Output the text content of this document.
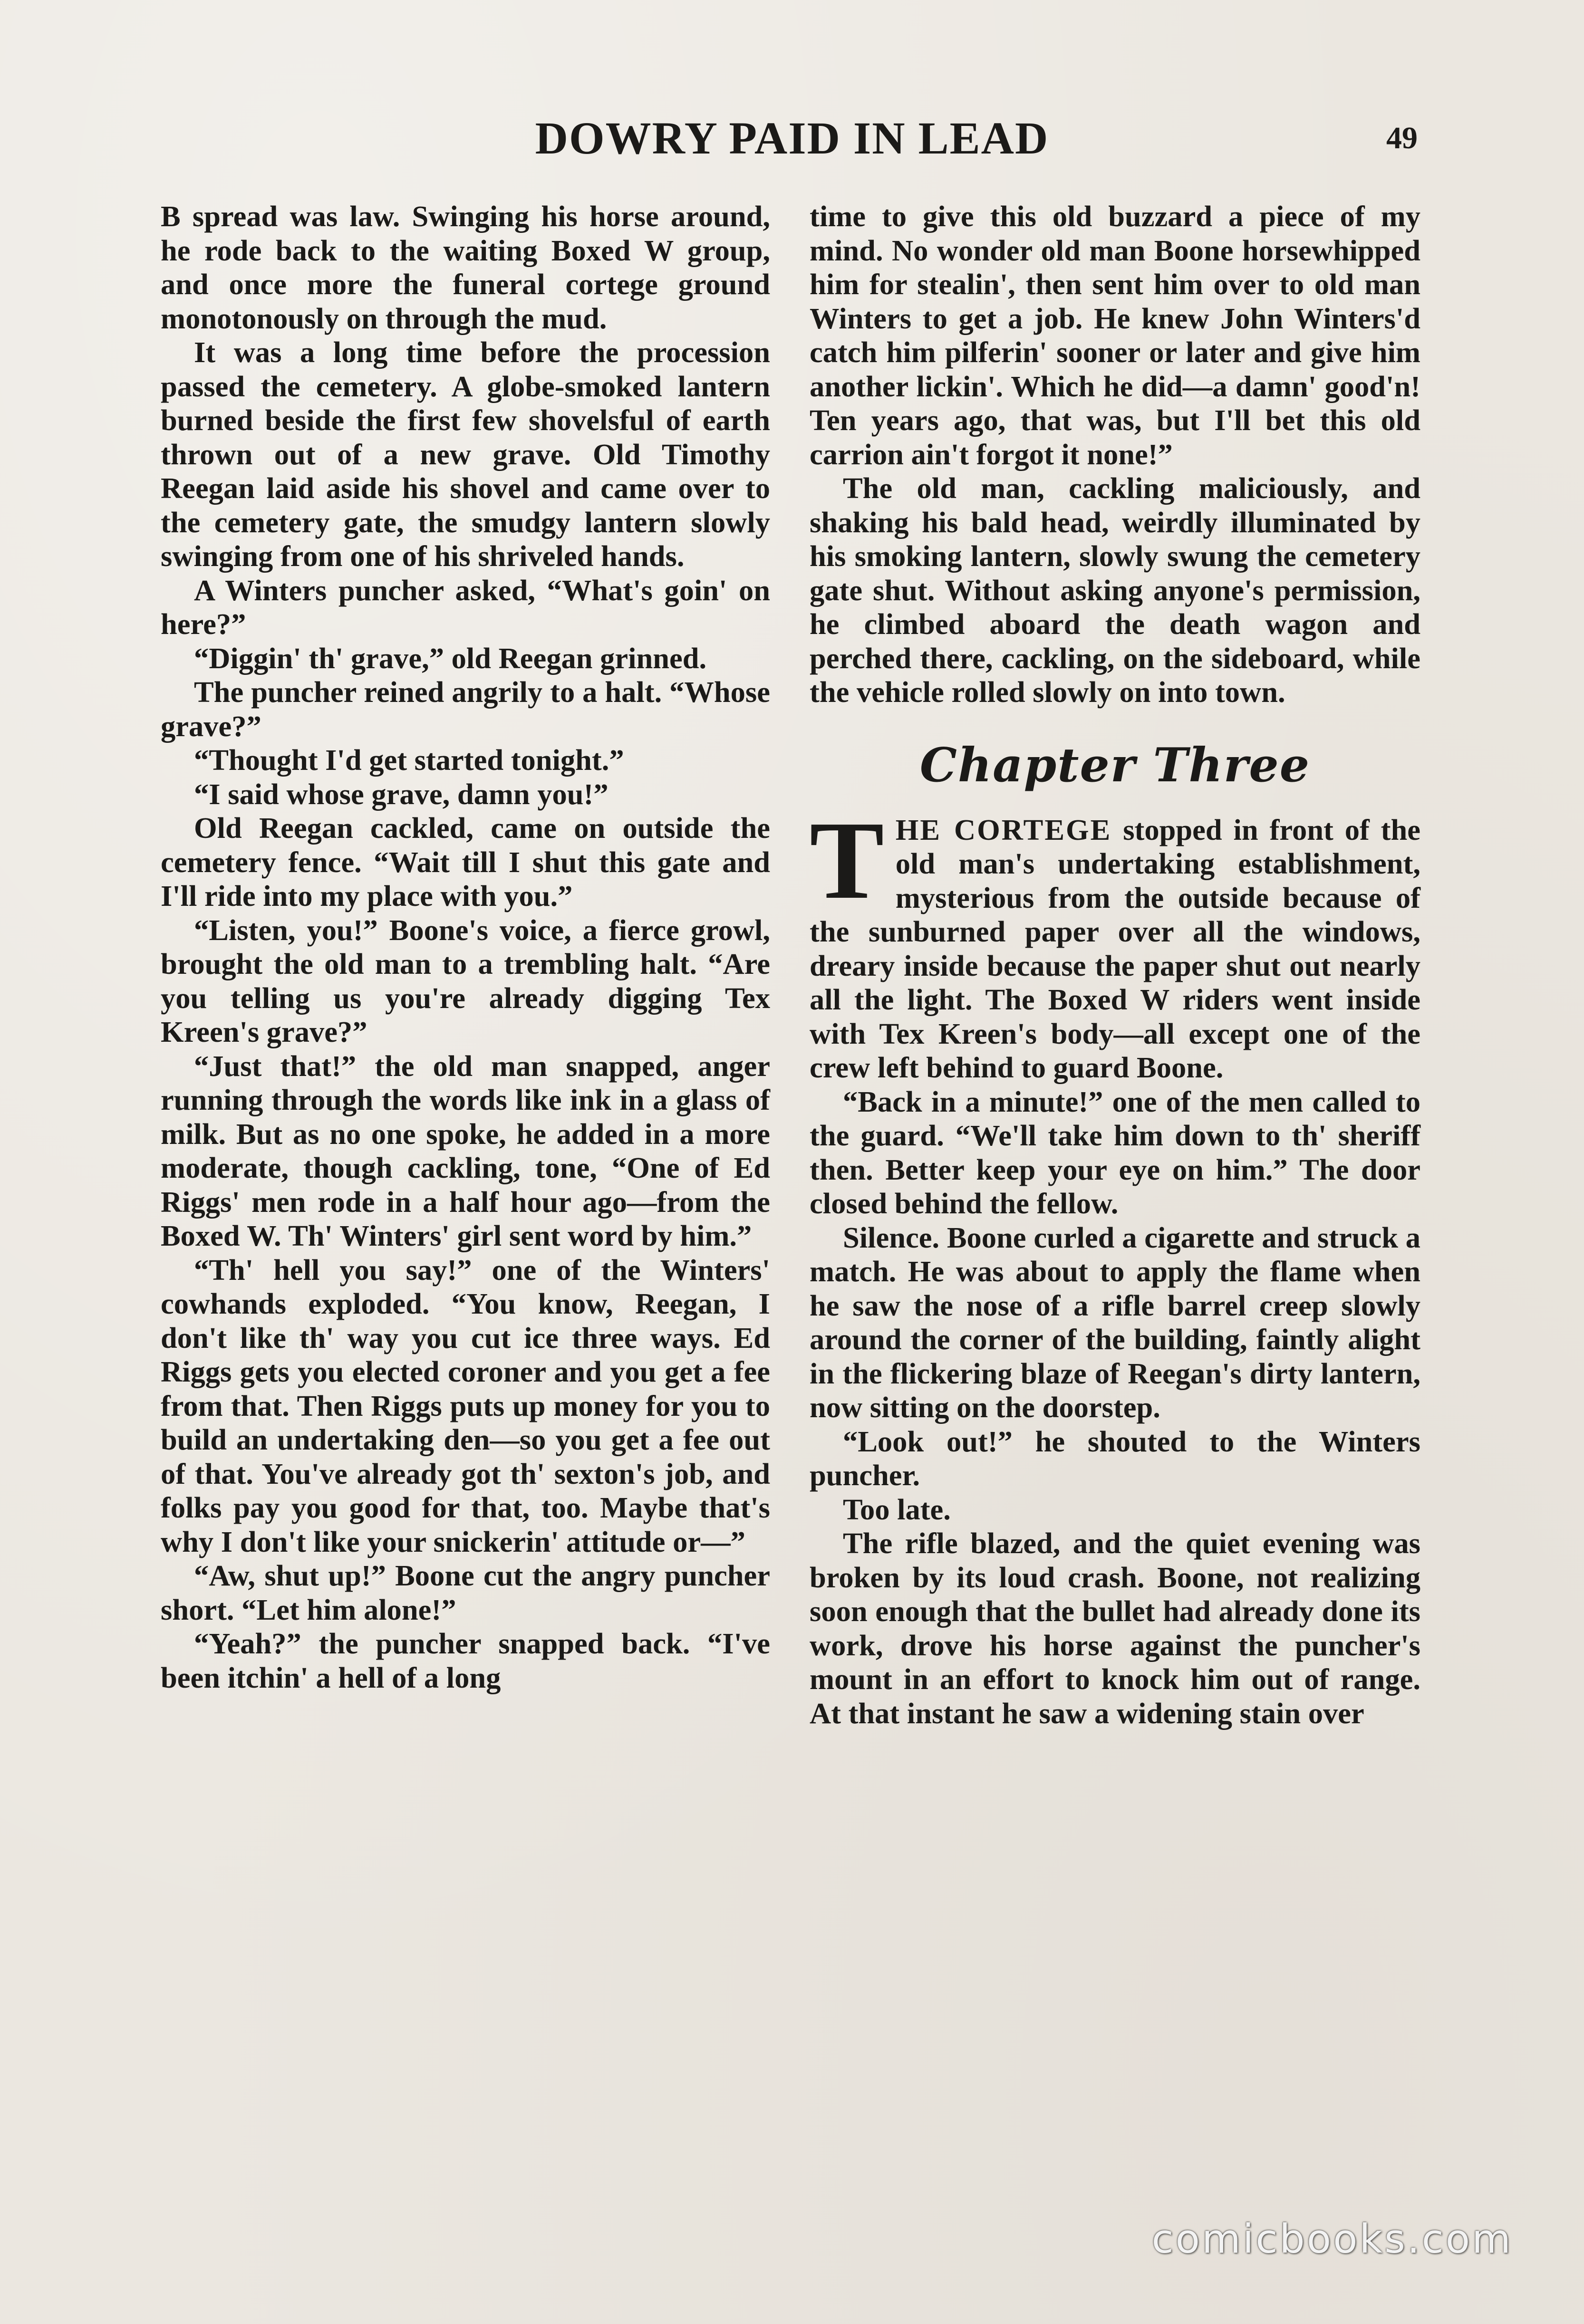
DOWRY PAID IN LEAD	49

B spread was law. Swinging his horse around, he rode back to the waiting Boxed W group, and once more the funeral cortege ground monotonously on through the mud.

It was a long time before the procession passed the cemetery. A globe-smoked lantern burned beside the first few shovelsful of earth thrown out of a new grave. Old Timothy Reegan laid aside his shovel and came over to the cemetery gate, the smudgy lantern slowly swinging from one of his shriveled hands.

A Winters puncher asked, “What's goin' on here?”

“Diggin' th' grave,” old Reegan grinned.

The puncher reined angrily to a halt. “Whose grave?”

“Thought I'd get started tonight.”

“I said whose grave, damn you!”

Old Reegan cackled, came on outside the cemetery fence. “Wait till I shut this gate and I'll ride into my place with you.”

“Listen, you!” Boone's voice, a fierce growl, brought the old man to a trembling halt. “Are you telling us you're already digging Tex Kreen's grave?”

“Just that!” the old man snapped, anger running through the words like ink in a glass of milk. But as no one spoke, he added in a more moderate, though cackling, tone, “One of Ed Riggs' men rode in a half hour ago—from the Boxed W. Th' Winters' girl sent word by him.”

“Th' hell you say!” one of the Winters' cowhands exploded. “You know, Reegan, I don't like th' way you cut ice three ways. Ed Riggs gets you elected coroner and you get a fee from that. Then Riggs puts up money for you to build an undertaking den—so you get a fee out of that. You've already got th' sexton's job, and folks pay you good for that, too. Maybe that's why I don't like your snickerin' attitude or—”

“Aw, shut up!” Boone cut the angry puncher short. “Let him alone!”

“Yeah?” the puncher snapped back. “I've been itchin' a hell of a long

time to give this old buzzard a piece of my mind. No wonder old man Boone horsewhipped him for stealin', then sent him over to old man Winters to get a job. He knew John Winters'd catch him pilferin' sooner or later and give him another lickin'. Which he did—a damn' good'n! Ten years ago, that was, but I'll bet this old carrion ain't forgot it none!”

The old man, cackling maliciously, and shaking his bald head, weirdly illuminated by his smoking lantern, slowly swung the cemetery gate shut. Without asking anyone's permission, he climbed aboard the death wagon and perched there, cackling, on the sideboard, while the vehicle rolled slowly on into town.

Chapter Three

THE CORTEGE stopped in front of the old man's undertaking establishment, mysterious from the outside because of the sunburned paper over all the windows, dreary inside because the paper shut out nearly all the light. The Boxed W riders went inside with Tex Kreen's body—all except one of the crew left behind to guard Boone.

“Back in a minute!” one of the men called to the guard. “We'll take him down to th' sheriff then. Better keep your eye on him.” The door closed behind the fellow.

Silence. Boone curled a cigarette and struck a match. He was about to apply the flame when he saw the nose of a rifle barrel creep slowly around the corner of the building, faintly alight in the flickering blaze of Reegan's dirty lantern, now sitting on the doorstep.

“Look out!” he shouted to the Winters puncher.

Too late.

The rifle blazed, and the quiet evening was broken by its loud crash. Boone, not realizing soon enough that the bullet had already done its work, drove his horse against the puncher's mount in an effort to knock him out of range. At that instant he saw a widening stain over

comicbooks.com
